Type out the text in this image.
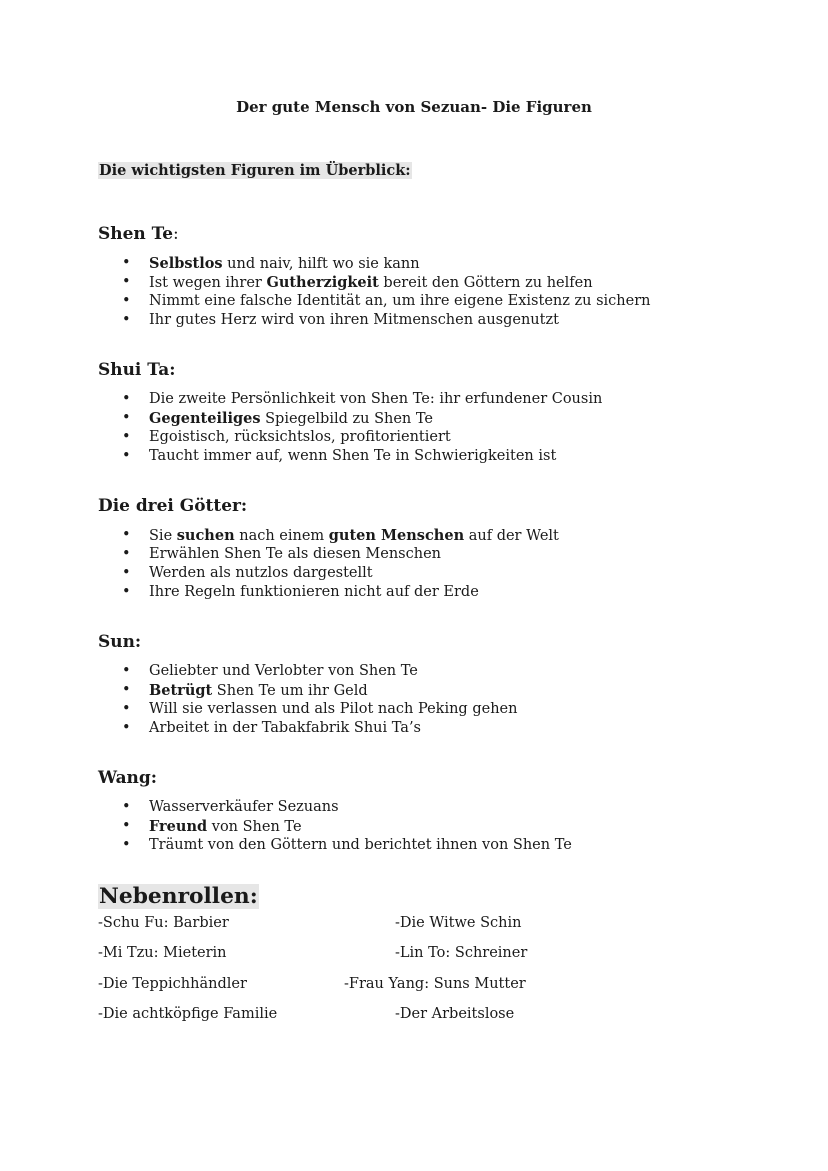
Der gute Mensch von Sezuan- Die Figuren
Die wichtigsten Figuren im Überblick:
Shen Te:
• Selbstlos und naiv, hilft wo sie kann
• Ist wegen ihrer Gutherzigkeit bereit den Göttern zu helfen
• Nimmt eine falsche Identität an, um ihre eigene Existenz zu sichern
• Ihr gutes Herz wird von ihren Mitmenschen ausgenutzt
Shui Ta:
• Die zweite Persönlichkeit von Shen Te: ihr erfundener Cousin
• Gegenteiliges Spiegelbild zu Shen Te
• Egoistisch, rücksichtslos, profitorientiert
• Taucht immer auf, wenn Shen Te in Schwierigkeiten ist
Die drei Götter:
• Sie suchen nach einem guten Menschen auf der Welt
• Erwählen Shen Te als diesen Menschen
• Werden als nutzlos dargestellt
• Ihre Regeln funktionieren nicht auf der Erde
Sun:
• Geliebter und Verlobter von Shen Te
• Betrügt Shen Te um ihr Geld
• Will sie verlassen und als Pilot nach Peking gehen
• Arbeitet in der Tabakfabrik Shui Ta’s
Wang:
• Wasserverkäufer Sezuans
• Freund von Shen Te
• Träumt von den Göttern und berichtet ihnen von Shen Te
Nebenrollen:
-Schu Fu: Barbier	-Die Witwe Schin
-Mi Tzu: Mieterin	-Lin To: Schreiner
-Die Teppichhändler	-Frau Yang: Suns Mutter
-Die achtköpfige Familie	-Der Arbeitslose
